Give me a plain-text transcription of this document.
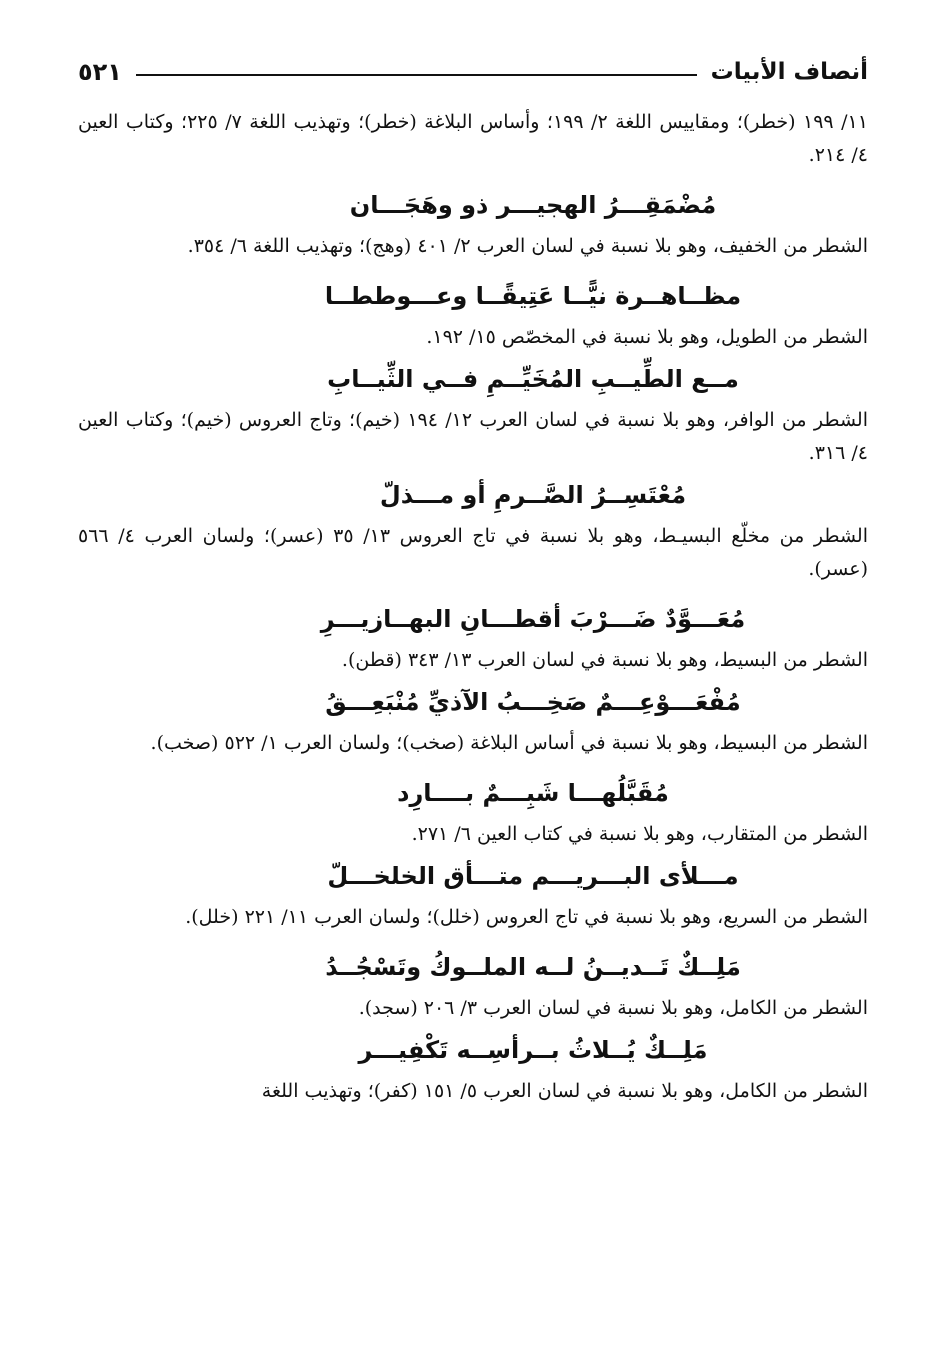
أنصاف الأبيات
٥٢١

١١/ ١٩٩ (خطر)؛ ومقاييس اللغة ٢/ ١٩٩؛ وأساس البلاغة (خطر)؛ وتهذيب اللغة ٧/ ٢٢٥؛ وكتاب العين ٤/ ٢١٤.

مُضْمَقِـــرُ الهجيـــر ذو وهَجَـــان

الشطر من الخفيف، وهو بلا نسبة في لسان العرب ٢/ ٤٠١ (وهج)؛ وتهذيب اللغة ٦/ ٣٥٤.

مظــاهــرة نيًّــا عَتِيقًــا وعـــوططــا

الشطر من الطويل، وهو بلا نسبة في المخصّص ١٥/ ١٩٢.

مــع الطِّيــبِ المُخَيِّــمِ فــي الثِّيــابِ

الشطر من الوافر، وهو بلا نسبة في لسان العرب ١٢/ ١٩٤ (خيم)؛ وتاج العروس (خيم)؛ وكتاب العين ٤/ ٣١٦.

مُعْتَسِــرُ الصَّــرمِ أو مـــذلّ

الشطر من مخلّع البسيـط، وهو بلا نسبة في تاج العروس ١٣/ ٣٥ (عسر)؛ ولسان العرب ٤/ ٥٦٦ (عسر).

مُعَـــوَّدٌ ضَـــرْبَ أقطـــانِ البهــازيـــرِ

الشطر من البسيط، وهو بلا نسبة في لسان العرب ١٣/ ٣٤٣ (قطن).

مُفْعَـــوْعِـــمٌ صَخِـــبُ الآذيِّ مُنْبَعِـــقُ

الشطر من البسيط، وهو بلا نسبة في أساس البلاغة (صخب)؛ ولسان العرب ١/ ٥٢٢ (صخب).

مُقَبَّلُهـــا شَبِـــمٌ بــــارِد

الشطر من المتقارب، وهو بلا نسبة في كتاب العين ٦/ ٢٧١.

مـــلأى البـــريـــم متـــأق الخلخـــلّ

الشطر من السريع، وهو بلا نسبة في تاج العروس (خلل)؛ ولسان العرب ١١/ ٢٢١ (خلل).

مَلِــكٌ تَــديــنُ لــه الملــوكُ وتَسْجُــدُ

الشطر من الكامل، وهو بلا نسبة في لسان العرب ٣/ ٢٠٦ (سجد).

مَلِــكٌ يُــلاثُ بــرأسِــه تَكْفِيـــر

الشطر من الكامل، وهو بلا نسبة في لسان العرب ٥/ ١٥١ (كفر)؛ وتهذيب اللغة
